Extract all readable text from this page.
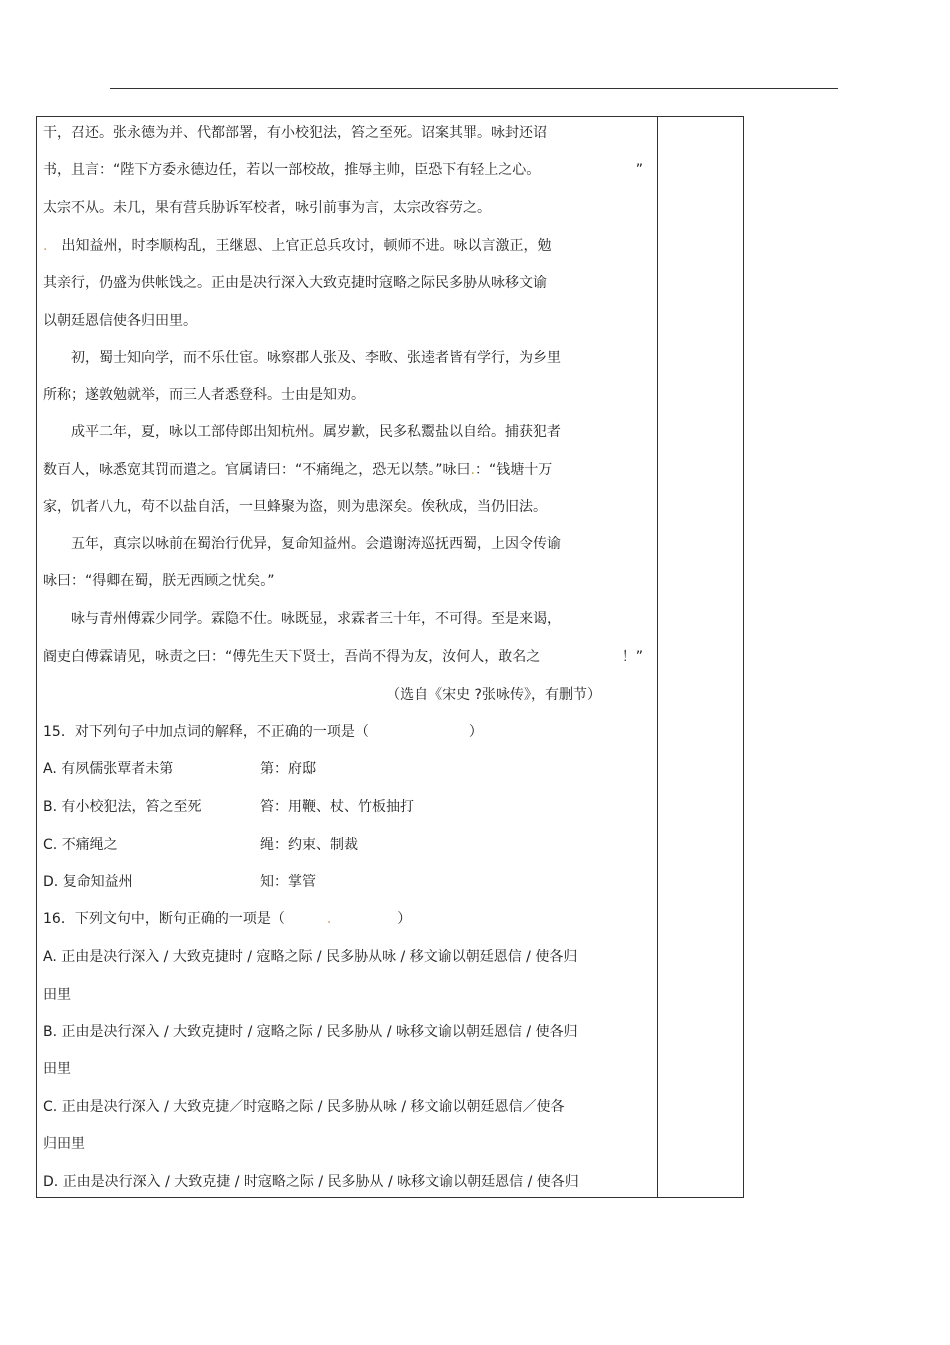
干，召还。张永德为并、代都部署，有小校犯法，笞之至死。诏案其罪。咏封还诏
书，且言：“陛下方委永德边任，若以一部校故，推辱主帅，臣恐下有轻上之心。	”
太宗不从。未几，果有营兵胁诉军校者，咏引前事为言，太宗改容劳之。
.　 出知益州，时李顺构乱，王继恩、上官正总兵攻讨，顿师不进。咏以言激正，勉
其亲行，仍盛为供帐饯之。正由是决行深入大致克捷时寇略之际民多胁从咏移文谕
以朝廷恩信使各归田里。
　　初，蜀士知向学，而不乐仕宦。咏察郡人张及、李畋、张逵者皆有学行，为乡里
所称；遂敦勉就举，而三人者悉登科。士由是知劝。
　　成平二年，夏，咏以工部侍郎出知杭州。属岁歉，民多私鬻盐以自给。捕获犯者
数百人，咏悉宽其罚而遣之。官属请曰：“不痛绳之，恐无以禁。”咏曰.：“钱塘十万
家，饥者八九，苟不以盐自活，一旦蜂聚为盗，则为患深矣。俟秋成，当仍旧法。
　　五年，真宗以咏前在蜀治行优异，复命知益州。会遣谢涛巡抚西蜀，上因令传谕
咏曰：“得卿在蜀，朕无西顾之忧矣。”
　　咏与青州傅霖少同学。霖隐不仕。咏既显，求霖者三十年，不可得。至是来谒，
阍吏白傅霖请见，咏责之曰：“傅先生天下贤士，吾尚不得为友，汝何人，敢名之	！”
（选自《宋史 ?张咏传》，有删节）
15．对下列句子中加点词的解释，不正确的一项是（	）
A. 有夙儒张覃者未第	第：府邸
B. 有小校犯法，笞之至死	笞：用鞭、杖、竹板抽打
C. 不痛绳之	绳：约束、制裁
D. 复命知益州	知：掌管
16．下列文句中，断句正确的一项是（	.	）
A. 正由是决行深入 / 大致克捷时 / 寇略之际 / 民多胁从咏 / 移文谕以朝廷恩信 / 使各归
田里
B. 正由是决行深入 / 大致克捷时 / 寇略之际 / 民多胁从 / 咏移文谕以朝廷恩信 / 使各归
田里
C. 正由是决行深入 / 大致克捷／时寇略之际 / 民多胁从咏 / 移文谕以朝廷恩信／使各
归田里
D. 正由是决行深入 / 大致克捷 / 时寇略之际 / 民多胁从 / 咏移文谕以朝廷恩信 / 使各归
